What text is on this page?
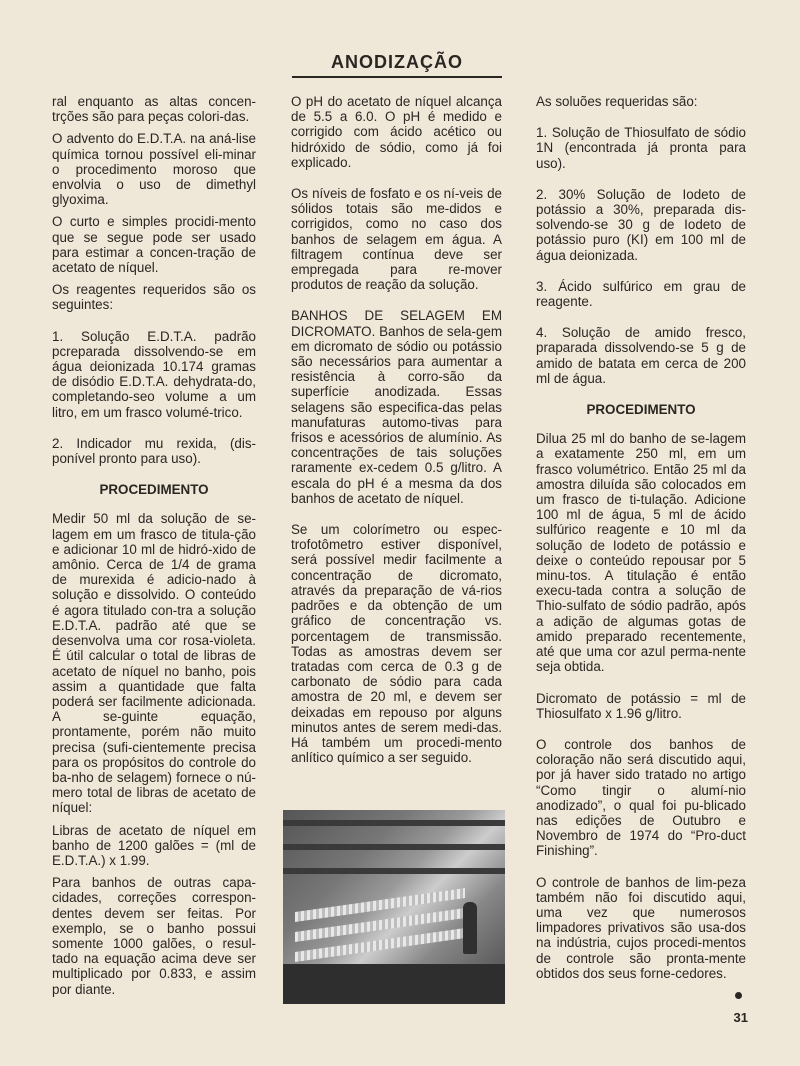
ANODIZAÇÃO

ral enquanto as altas concen-trções são para peças colori-das.

O advento do E.D.T.A. na aná-lise química tornou possível eli-minar o procedimento moroso que envolvia o uso de dimethyl glyoxima.

O curto e simples procidi-mento que se segue pode ser usado para estimar a concen-tração de acetato de níquel.

Os reagentes requeridos são os seguintes:

1. Solução E.D.T.A. padrão pcreparada dissolvendo-se em água deionizada 10.174 gramas de disódio E.D.T.A. dehydrata-do, completando-seo volume a um litro, em um frasco volumé-trico.

2. Indicador mu rexida, (dis-ponível pronto para uso).

PROCEDIMENTO

Medir 50 ml da solução de se-lagem em um frasco de titula-ção e adicionar 10 ml de hidró-xido de amônio. Cerca de 1/4 de grama de murexida é adicio-nado à solução e dissolvido. O conteúdo é agora titulado con-tra a solução E.D.T.A. padrão até que se desenvolva uma cor rosa-violeta. É útil calcular o total de libras de acetato de níquel no banho, pois assim a quantidade que falta poderá ser facilmente adicionada. A se-guinte equação, prontamente, porém não muito precisa (sufi-cientemente precisa para os propósitos do controle do ba-nho de selagem) fornece o nú-mero total de libras de acetato de níquel:

Libras de acetato de níquel em banho de 1200 galões = (ml de E.D.T.A.) x 1.99.

Para banhos de outras capa-cidades, correções correspon-dentes devem ser feitas. Por exemplo, se o banho possui somente 1000 galões, o resul-tado na equação acima deve ser multiplicado por 0.833, e assim por diante.

O pH do acetato de níquel alcança de 5.5 a 6.0. O pH é medido e corrigido com ácido acético ou hidróxido de sódio, como já foi explicado.

Os níveis de fosfato e os ní-veis de sólidos totais são me-didos e corrigidos, como no caso dos banhos de selagem em água. A filtragem contínua deve ser empregada para re-mover produtos de reação da solução.

BANHOS DE SELAGEM EM DICROMATO. Banhos de sela-gem em dicromato de sódio ou potássio são necessários para aumentar a resistência à corro-são da superfície anodizada. Essas selagens são especifica-das pelas manufaturas automo-tivas para frisos e acessórios de alumínio. As concentrações de tais soluções raramente ex-cedem 0.5 g/litro. A escala do pH é a mesma da dos banhos de acetato de níquel.

Se um colorímetro ou espec-trofotômetro estiver disponível, será possível medir facilmente a concentração de dicromato, através da preparação de vá-rios padrões e da obtenção de um gráfico de concentração vs. porcentagem de transmissão. Todas as amostras devem ser tratadas com cerca de 0.3 g de carbonato de sódio para cada amostra de 20 ml, e devem ser deixadas em repouso por alguns minutos antes de serem medi-das. Há também um procedi-mento anlítico químico a ser seguido.

As soluões requeridas são:

1. Solução de Thiosulfato de sódio 1N (encontrada já pronta para uso).

2. 30% Solução de Iodeto de potássio a 30%, preparada dis-solvendo-se 30 g de Iodeto de potássio puro (KI) em 100 ml de água deionizada.

3. Ácido sulfúrico em grau de reagente.

4. Solução de amido fresco, praparada dissolvendo-se 5 g de amido de batata em cerca de 200 ml de água.

PROCEDIMENTO

Dilua 25 ml do banho de se-lagem a exatamente 250 ml, em um frasco volumétrico. Então 25 ml da amostra diluída são colocados em um frasco de ti-tulação. Adicione 100 ml de água, 5 ml de ácido sulfúrico reagente e 10 ml da solução de Iodeto de potássio e deixe o conteúdo repousar por 5 minu-tos. A titulação é então execu-tada contra a solução de Thio-sulfato de sódio padrão, após a adição de algumas gotas de amido preparado recentemente, até que uma cor azul perma-nente seja obtida.

Dicromato de potássio = ml de Thiosulfato x 1.96 g/litro.

O controle dos banhos de coloração não será discutido aqui, por já haver sido tratado no artigo “Como tingir o alumí-nio anodizado”, o qual foi pu-blicado nas edições de Outubro e Novembro de 1974 do “Pro-duct Finishing”.

O controle de banhos de lim-peza também não foi discutido aqui, uma vez que numerosos limpadores privativos são usa-dos na indústria, cujos procedi-mentos de controle são pronta-mente obtidos dos seus forne-cedores.

31
